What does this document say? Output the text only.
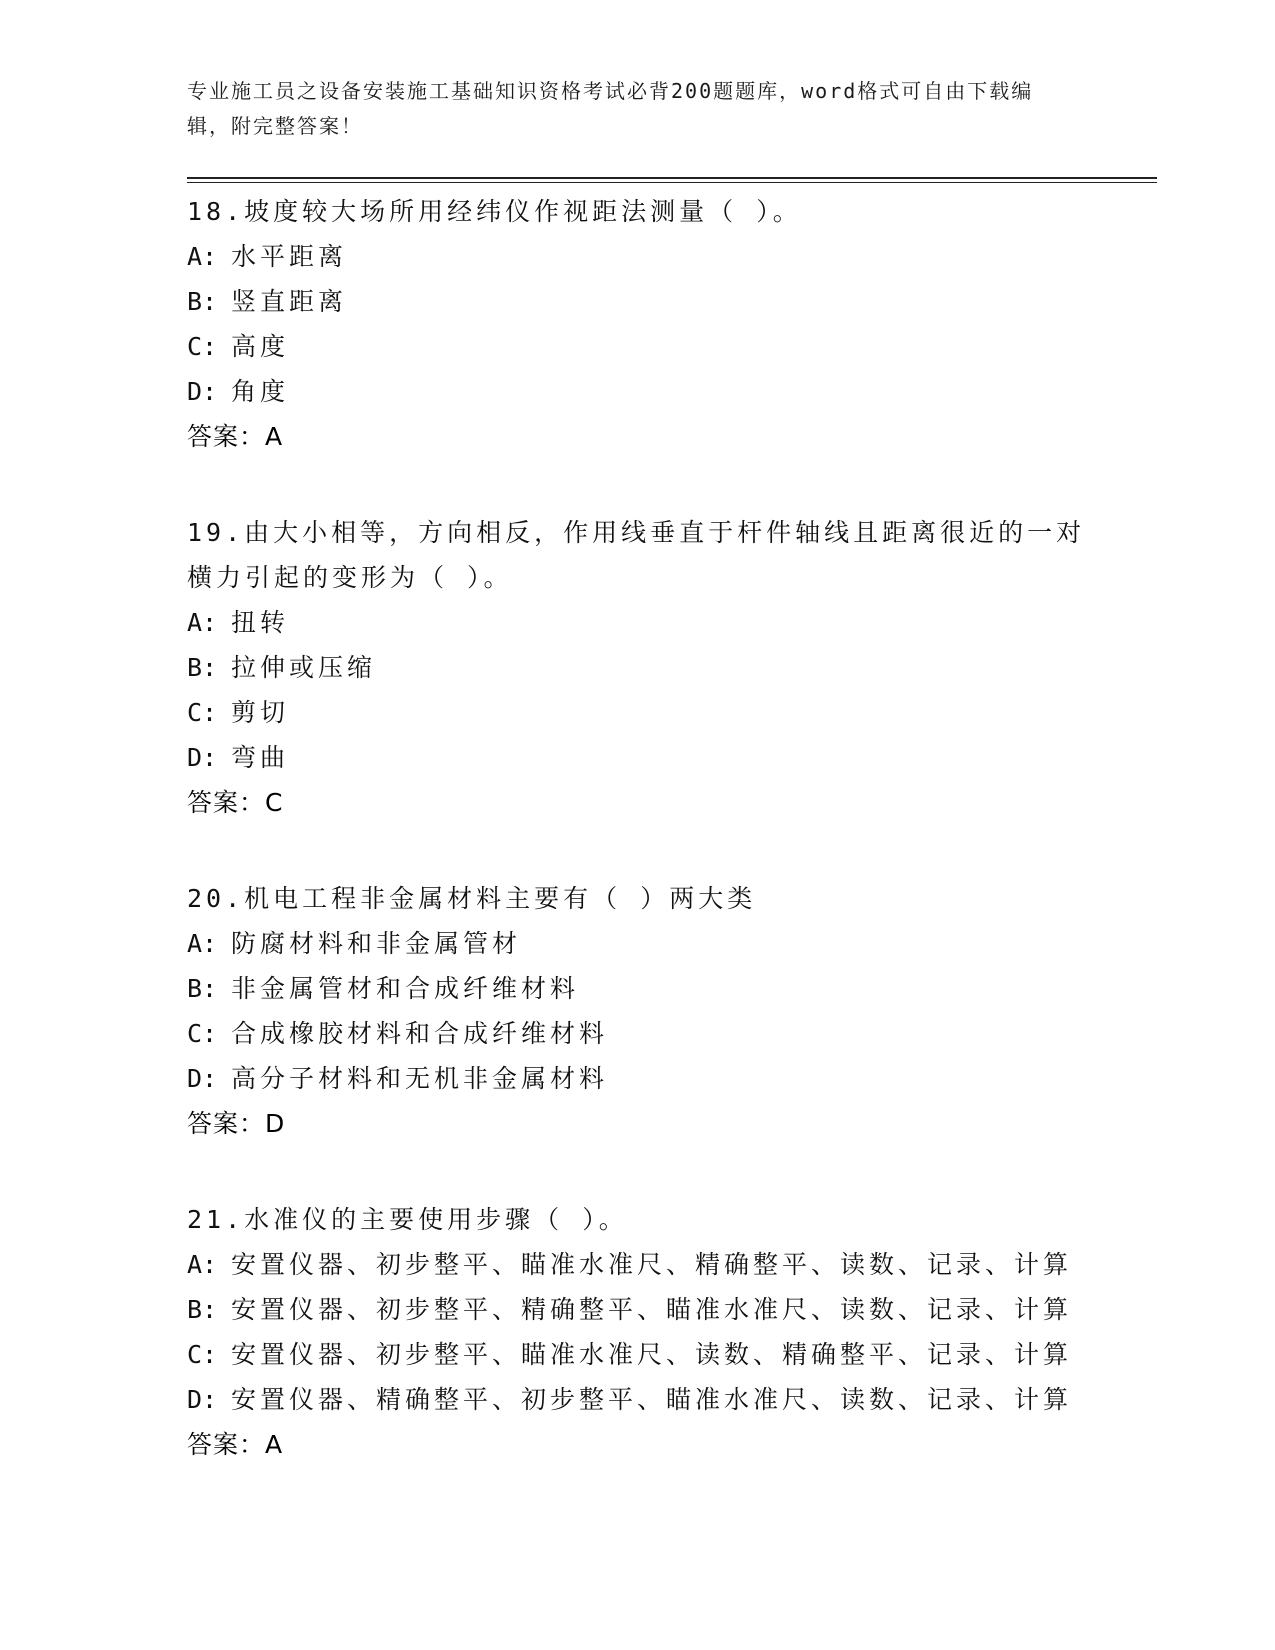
专业施工员之设备安装施工基础知识资格考试必背200题题库，word格式可自由下载编辑，附完整答案！
18.坡度较大场所用经纬仪作视距法测量（ ）。
A: 水平距离
B: 竖直距离
C: 高度
D: 角度
答案：A
19.由大小相等，方向相反，作用线垂直于杆件轴线且距离很近的一对横力引起的变形为（ ）。
A: 扭转
B: 拉伸或压缩
C: 剪切
D: 弯曲
答案：C
20.机电工程非金属材料主要有（ ）两大类
A: 防腐材料和非金属管材
B: 非金属管材和合成纤维材料
C: 合成橡胶材料和合成纤维材料
D: 高分子材料和无机非金属材料
答案：D
21.水准仪的主要使用步骤（ ）。
A: 安置仪器、初步整平、瞄准水准尺、精确整平、读数、记录、计算
B: 安置仪器、初步整平、精确整平、瞄准水准尺、读数、记录、计算
C: 安置仪器、初步整平、瞄准水准尺、读数、精确整平、记录、计算
D: 安置仪器、精确整平、初步整平、瞄准水准尺、读数、记录、计算
答案：A
